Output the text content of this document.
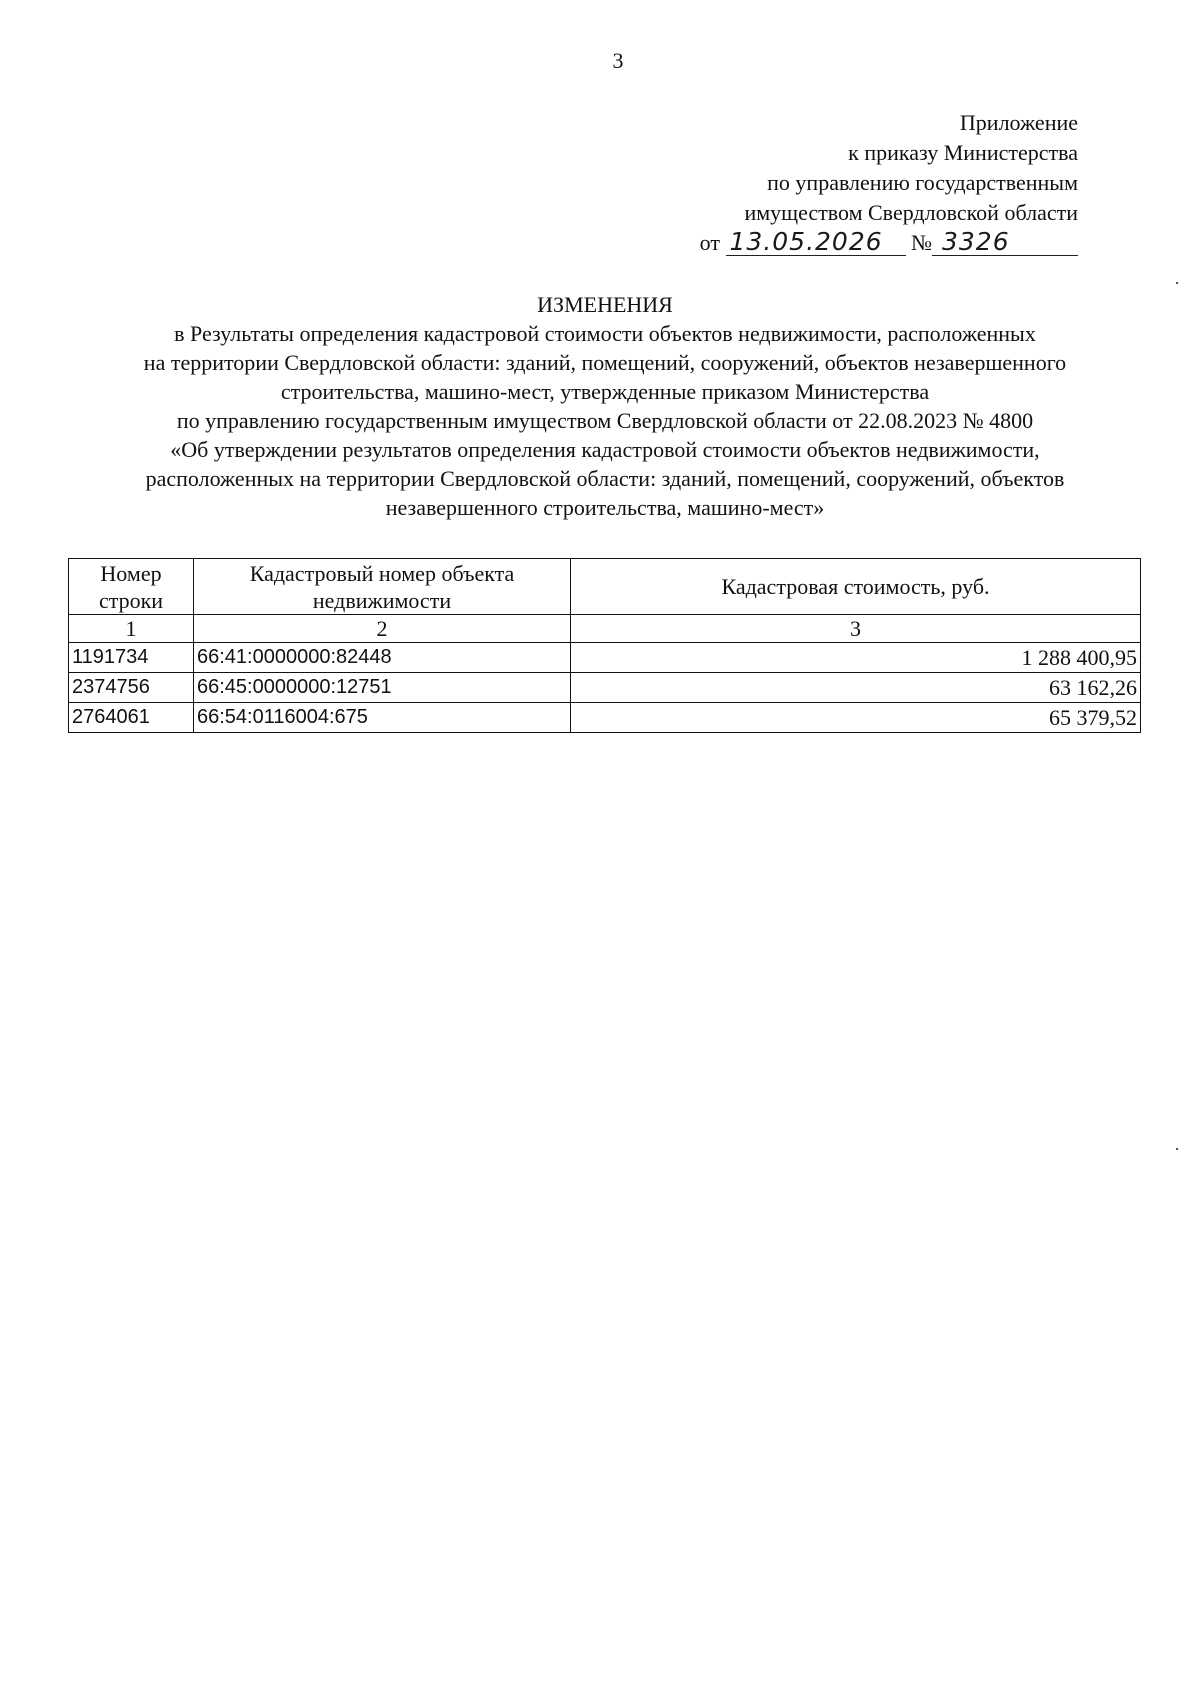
3
Приложение
к приказу Министерства
по управлению государственным
имуществом Свердловской области
от 13.05.2026 № 3326
ИЗМЕНЕНИЯ
в Результаты определения кадастровой стоимости объектов недвижимости, расположенных
на территории Свердловской области: зданий, помещений, сооружений, объектов незавершенного
строительства, машино-мест, утвержденные приказом Министерства
по управлению государственным имуществом Свердловской области от 22.08.2023 № 4800
«Об утверждении результатов определения кадастровой стоимости объектов недвижимости,
расположенных на территории Свердловской области: зданий, помещений, сооружений, объектов
незавершенного строительства, машино-мест»
Номер строки	Кадастровый номер объекта недвижимости	Кадастровая стоимость, руб.
1	2	3
1191734	66:41:0000000:82448	1 288 400,95
2374756	66:45:0000000:12751	63 162,26
2764061	66:54:0116004:675	65 379,52
